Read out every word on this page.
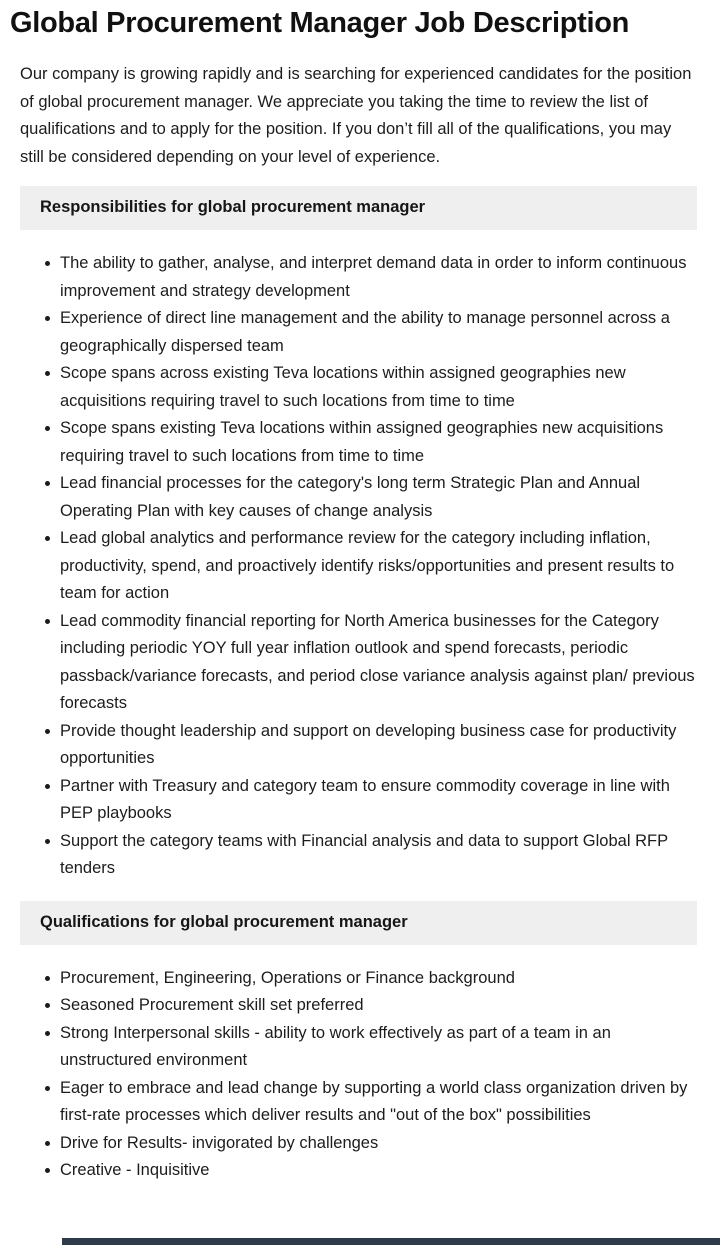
Global Procurement Manager Job Description

Our company is growing rapidly and is searching for experienced candidates for the position of global procurement manager. We appreciate you taking the time to review the list of qualifications and to apply for the position. If you don’t fill all of the qualifications, you may still be considered depending on your level of experience.

Responsibilities for global procurement manager
The ability to gather, analyse, and interpret demand data in order to inform continuous improvement and strategy development
Experience of direct line management and the ability to manage personnel across a geographically dispersed team
Scope spans across existing Teva locations within assigned geographies new acquisitions requiring travel to such locations from time to time
Scope spans existing Teva locations within assigned geographies new acquisitions requiring travel to such locations from time to time
Lead financial processes for the category's long term Strategic Plan and Annual Operating Plan with key causes of change analysis
Lead global analytics and performance review for the category including inflation, productivity, spend, and proactively identify risks/opportunities and present results to team for action
Lead commodity financial reporting for North America businesses for the Category including periodic YOY full year inflation outlook and spend forecasts, periodic passback/variance forecasts, and period close variance analysis against plan/ previous forecasts
Provide thought leadership and support on developing business case for productivity opportunities
Partner with Treasury and category team to ensure commodity coverage in line with PEP playbooks
Support the category teams with Financial analysis and data to support Global RFP tenders
Qualifications for global procurement manager
Procurement, Engineering, Operations or Finance background
Seasoned Procurement skill set preferred
Strong Interpersonal skills - ability to work effectively as part of a team in an unstructured environment
Eager to embrace and lead change by supporting a world class organization driven by first-rate processes which deliver results and "out of the box" possibilities
Drive for Results- invigorated by challenges
Creative - Inquisitive
